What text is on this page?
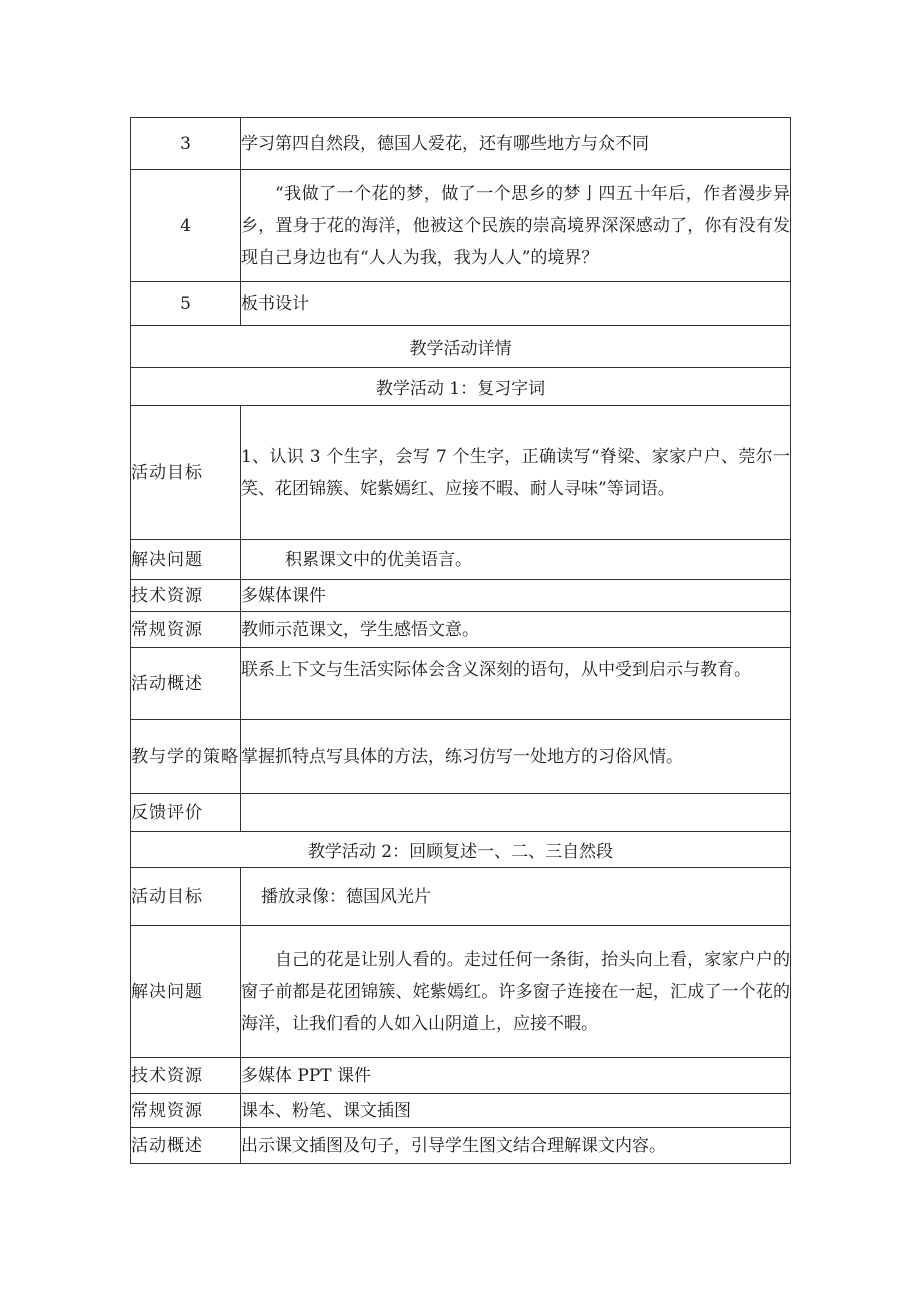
3	学习第四自然段，德国人爱花，还有哪些地方与众不同
4	“我做了一个花的梦，做了一个思乡的梦亅四五十年后，作者漫步异乡，置身于花的海洋，他被这个民族的崇高境界深深感动了，你有没有发现自己身边也有“人人为我，我为人人”的境界？

5	板书设计
教学活动详情	
教学活动 1：复习字词	
活动目标	1、认识 3 个生字，会写 7 个生字，正确读写“脊梁、家家户户、莞尔一笑、花团锦簇、姹紫嫣红、应接不暇、耐人寻味”等词语。

解决问题	积累课文中的优美语言。
技术资源	多媒体课件
常规资源	教师示范课文，学生感悟文意。
活动概述	联系上下文与生活实际体会含义深刻的语句，从中受到启示与教育。
教与学的策略	掌握抓特点写具体的方法，练习仿写一处地方的习俗风情。
反馈评价	
教学活动 2：回顾复述一、二、三自然段	
活动目标	播放录像：德国风光片
解决问题	自己的花是让别人看的。走过任何一条街，抬头向上看，家家户户的窗子前都是花团锦簇、姹紫嫣红。许多窗子连接在一起，汇成了一个花的海洋，让我们看的人如入山阴道上，应接不暇。

技术资源	多媒体 PPT 课件
常规资源	课本、粉笔、课文插图
活动概述	出示课文插图及句子，引导学生图文结合理解课文内容。
